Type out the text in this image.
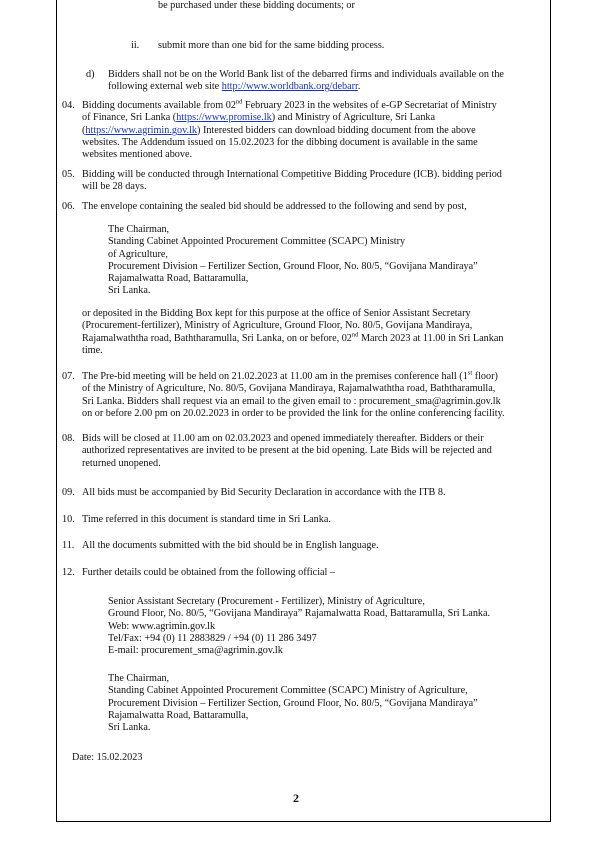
be purchased under these bidding documents; or
ii. submit more than one bid for the same bidding process.
d) Bidders shall not be on the World Bank list of the debarred firms and individuals available on the
following external web site http://www.worldbank.org/debarr.
04. Bidding documents available from 02nd February 2023 in the websites of e-GP Secretariat of Ministry
of Finance, Sri Lanka (https://www.promise.lk) and Ministry of Agriculture, Sri Lanka
(https://www.agrimin.gov.lk) Interested bidders can download bidding document from the above
websites. The Addendum issued on 15.02.2023 for the dibbing document is available in the same
websites mentioned above.
05. Bidding will be conducted through International Competitive Bidding Procedure (ICB). bidding period
will be 28 days.
06. The envelope containing the sealed bid should be addressed to the following and send by post,
The Chairman,
Standing Cabinet Appointed Procurement Committee (SCAPC) Ministry
of Agriculture,
Procurement Division – Fertilizer Section, Ground Floor, No. 80/5, “Govijana Mandiraya”
Rajamalwatta Road, Battaramulla,
Sri Lanka.
or deposited in the Bidding Box kept for this purpose at the office of Senior Assistant Secretary
(Procurement-fertilizer), Ministry of Agriculture, Ground Floor, No. 80/5, Govijana Mandiraya,
Rajamalwaththa road, Baththaramulla, Sri Lanka, on or before, 02nd March 2023 at 11.00 in Sri Lankan
time.
07. The Pre-bid meeting will be held on 21.02.2023 at 11.00 am in the premises conference hall (1st floor)
of the Ministry of Agriculture, No. 80/5, Govijana Mandiraya, Rajamalwaththa road, Baththaramulla,
Sri Lanka. Bidders shall request via an email to the given email to : procurement_sma@agrimin.gov.lk
on or before 2.00 pm on 20.02.2023 in order to be provided the link for the online conferencing facility.
08. Bids will be closed at 11.00 am on 02.03.2023 and opened immediately thereafter. Bidders or their
authorized representatives are invited to be present at the bid opening. Late Bids will be rejected and
returned unopened.
09. All bids must be accompanied by Bid Security Declaration in accordance with the ITB 8.
10. Time referred in this document is standard time in Sri Lanka.
11. All the documents submitted with the bid should be in English language.
12. Further details could be obtained from the following official –
Senior Assistant Secretary (Procurement - Fertilizer), Ministry of Agriculture,
Ground Floor, No. 80/5, “Govijana Mandiraya” Rajamalwatta Road, Battaramulla, Sri Lanka.
Web: www.agrimin.gov.lk
Tel/Fax: +94 (0) 11 2883829 / +94 (0) 11 286 3497
E-mail: procurement_sma@agrimin.gov.lk
The Chairman,
Standing Cabinet Appointed Procurement Committee (SCAPC) Ministry of Agriculture,
Procurement Division – Fertilizer Section, Ground Floor, No. 80/5, “Govijana Mandiraya”
Rajamalwatta Road, Battaramulla,
Sri Lanka.
Date: 15.02.2023
2
